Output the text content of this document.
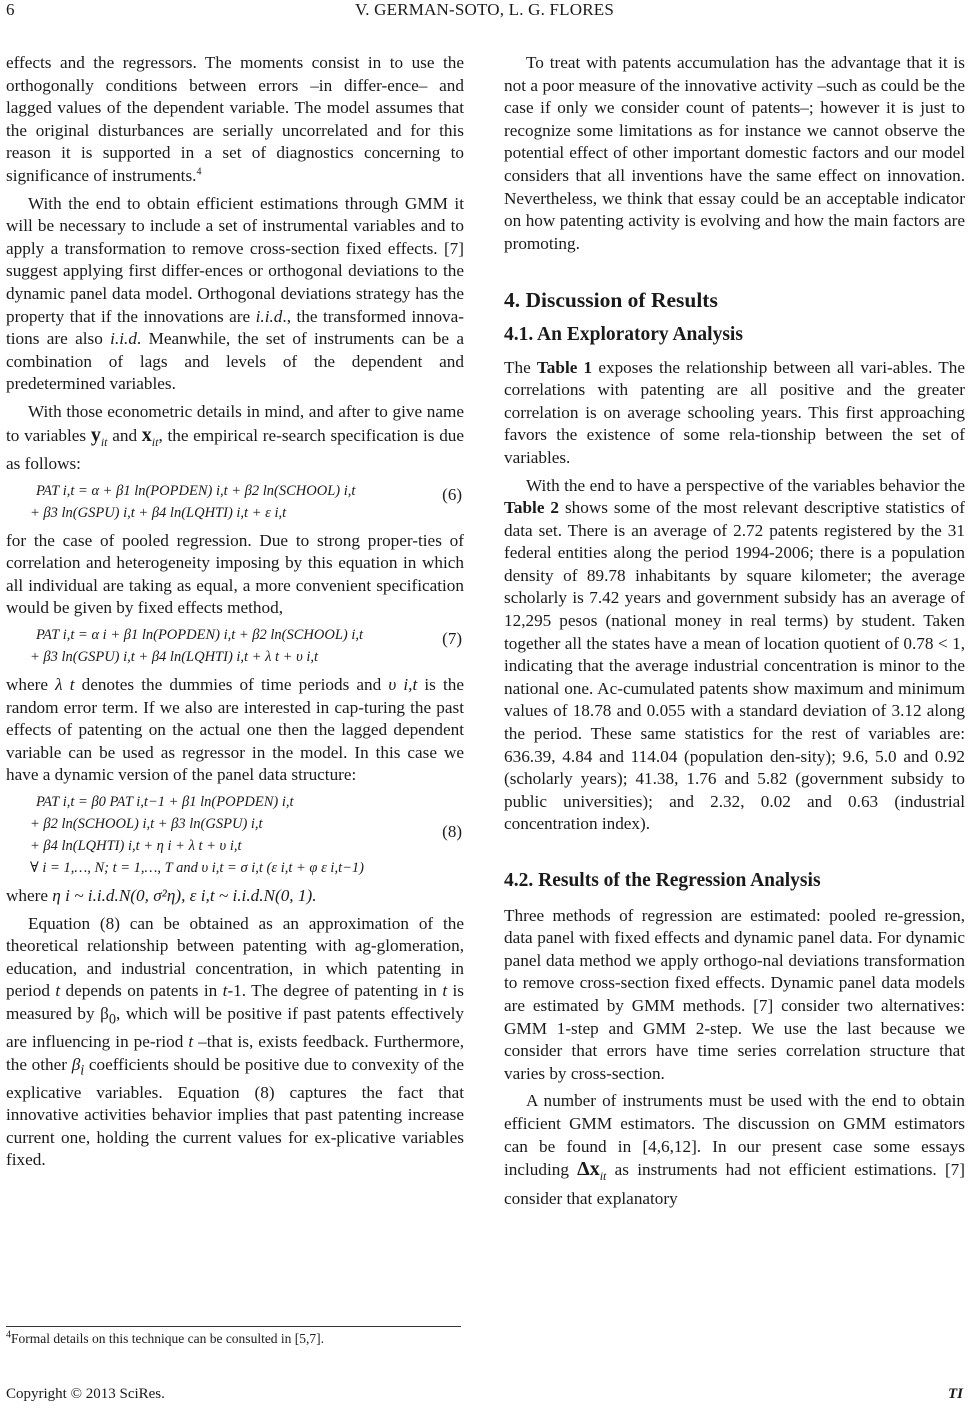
6	V. GERMAN-SOTO, L. G. FLORES

effects and the regressors. The moments consist in to use the orthogonally conditions between errors –in differ-ence– and lagged values of the dependent variable. The model assumes that the original disturbances are serially uncorrelated and for this reason it is supported in a set of diagnostics concerning to significance of instruments.$^4$

With the end to obtain efficient estimations through GMM it will be necessary to include a set of instrumental variables and to apply a transformation to remove cross-section fixed effects. [7] suggest applying first differ-ences or orthogonal deviations to the dynamic panel data model. Orthogonal deviations strategy has the property that if the innovations are i.i.d., the transformed innova-tions are also i.i.d. Meanwhile, the set of instruments can be a combination of lags and levels of the dependent and predetermined variables.

With those econometric details in mind, and after to give name to variables $y_{it}$ and $x_{it}$, the empirical re-search specification is due as follows:

PAT i,t = α + β1 ln(POPDEN) i,t + β2 ln(SCHOOL) i,t
+ β3 ln(GSPU) i,t + β4 ln(LQHTI) i,t + ε i,t
(6)

for the case of pooled regression. Due to strong proper-ties of correlation and heterogeneity imposing by this equation in which all individual are taking as equal, a more convenient specification would be given by fixed effects method,

PAT i,t = α i + β1 ln(POPDEN) i,t + β2 ln(SCHOOL) i,t
+ β3 ln(GSPU) i,t + β4 ln(LQHTI) i,t + λ t + υ i,t
(7)

where λ t denotes the dummies of time periods and υ i,t is the random error term. If we also are interested in cap-turing the past effects of patenting on the actual one then the lagged dependent variable can be used as regressor in the model. In this case we have a dynamic version of the panel data structure:

PAT i,t = β0 PAT i,t−1 + β1 ln(POPDEN) i,t
+ β2 ln(SCHOOL) i,t + β3 ln(GSPU) i,t
+ β4 ln(LQHTI) i,t + η i + λ t + υ i,t
∀ i = 1,…, N; t = 1,…, T and υ i,t = σ i,t (ε i,t + φ ε i,t−1)
(8)

where η i ~ i.i.d.N(0, σ²η), ε i,t ~ i.i.d.N(0, 1).

Equation (8) can be obtained as an approximation of the theoretical relationship between patenting with ag-glomeration, education, and industrial concentration, in which patenting in period t depends on patents in t-1. The degree of patenting in t is measured by $\beta_0$, which will be positive if past patents effectively are influencing in pe-riod t –that is, exists feedback. Furthermore, the other $\beta_i$ coefficients should be positive due to convexity of the explicative variables. Equation (8) captures the fact that innovative activities behavior implies that past patenting increase current one, holding the current values for ex-plicative variables fixed.

To treat with patents accumulation has the advantage that it is not a poor measure of the innovative activity –such as could be the case if only we consider count of patents–; however it is just to recognize some limitations as for instance we cannot observe the potential effect of other important domestic factors and our model considers that all inventions have the same effect on innovation. Nevertheless, we think that essay could be an acceptable indicator on how patenting activity is evolving and how the main factors are promoting.

4. Discussion of Results
4.1. An Exploratory Analysis

The Table 1 exposes the relationship between all vari-ables. The correlations with patenting are all positive and the greater correlation is on average schooling years. This first approaching favors the existence of some rela-tionship between the set of variables.

With the end to have a perspective of the variables behavior the Table 2 shows some of the most relevant descriptive statistics of data set. There is an average of 2.72 patents registered by the 31 federal entities along the period 1994-2006; there is a population density of 89.78 inhabitants by square kilometer; the average scholarly is 7.42 years and government subsidy has an average of 12,295 pesos (national money in real terms) by student. Taken together all the states have a mean of location quotient of 0.78 < 1, indicating that the average industrial concentration is minor to the national one. Ac-cumulated patents show maximum and minimum values of 18.78 and 0.055 with a standard deviation of 3.12 along the period. These same statistics for the rest of variables are: 636.39, 4.84 and 114.04 (population den-sity); 9.6, 5.0 and 0.92 (scholarly years); 41.38, 1.76 and 5.82 (government subsidy to public universities); and 2.32, 0.02 and 0.63 (industrial concentration index).

4.2. Results of the Regression Analysis

Three methods of regression are estimated: pooled re-gression, data panel with fixed effects and dynamic panel data. For dynamic panel data method we apply orthogo-nal deviations transformation to remove cross-section fixed effects. Dynamic panel data models are estimated by GMM methods. [7] consider two alternatives: GMM 1-step and GMM 2-step. We use the last because we consider that errors have time series correlation structure that varies by cross-section.

A number of instruments must be used with the end to obtain efficient GMM estimators. The discussion on GMM estimators can be found in [4,6,12]. In our present case some essays including $\Delta x_{it}$ as instruments had not efficient estimations. [7] consider that explanatory

$^4$Formal details on this technique can be consulted in [5,7].
Copyright © 2013 SciRes.	TI
